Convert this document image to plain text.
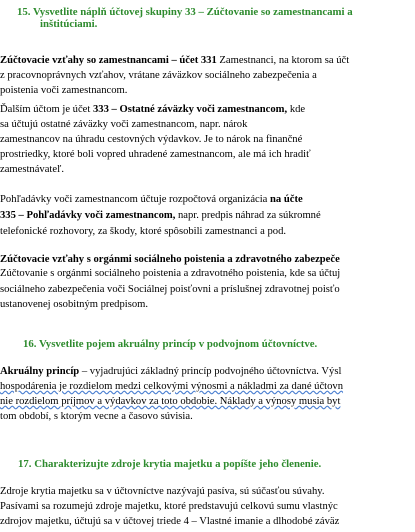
15. Vysvetlite náplň účtovej skupiny 33 – Zúčtovanie so zamestnancami a
inštitúciami.
Zúčtovacie vzťahy so zamestnancami – účet 331 Zamestnanci, na ktorom sa účt
z pracovnoprávnych vzťahov, vrátane záväzkov sociálneho zabezpečenia a
poistenia voči zamestnancom.
Ďalším účtom je účet 333 – Ostatné záväzky voči zamestnancom, kde
sa účtujú ostatné záväzky voči zamestnancom, napr. nárok
zamestnancov na úhradu cestovných výdavkov. Je to nárok na finančné
prostriedky, ktoré boli vopred uhradené zamestnancom, ale má ich hradiť
zamestnávateľ.
Pohľadávky voči zamestnancom účtuje rozpočtová organizácia na účte
335 – Pohľadávky voči zamestnancom, napr. predpis náhrad za súkromné
telefonické rozhovory, za škody, ktoré spôsobili zamestnanci a pod.
Zúčtovacie vzťahy s orgánmi sociálneho poistenia a zdravotného zabezpeče
Zúčtovanie s orgánmi sociálneho poistenia a zdravotného poistenia, kde sa účtuj
sociálneho zabezpečenia voči Sociálnej poisťovni a príslušnej zdravotnej poisťo
ustanovenej osobitným predpisom.
16. Vysvetlite pojem akruálny princíp v podvojnom účtovníctve.
Akruálny princíp – vyjadrujúci základný princíp podvojného účtovníctva. Výsl
hospodárenia je rozdielom medzi celkovými výnosmi a nákladmi za dané účtovn
nie rozdielom príjmov a výdavkov za toto obdobie. Náklady a výnosy musia byt
tom období, s ktorým vecne a časovo súvisia.
17. Charakterizujte zdroje krytia majetku a popíšte jeho členenie.
Zdroje krytia majetku sa v účtovníctve nazývajú pasíva, sú súčasťou súvahy.
Pasívami sa rozumejú zdroje majetku, ktoré predstavujú celkovú sumu vlastnýc
zdrojov majetku, účtujú sa v účtovej triede 4 – Vlastné imanie a dlhodobé záväz
